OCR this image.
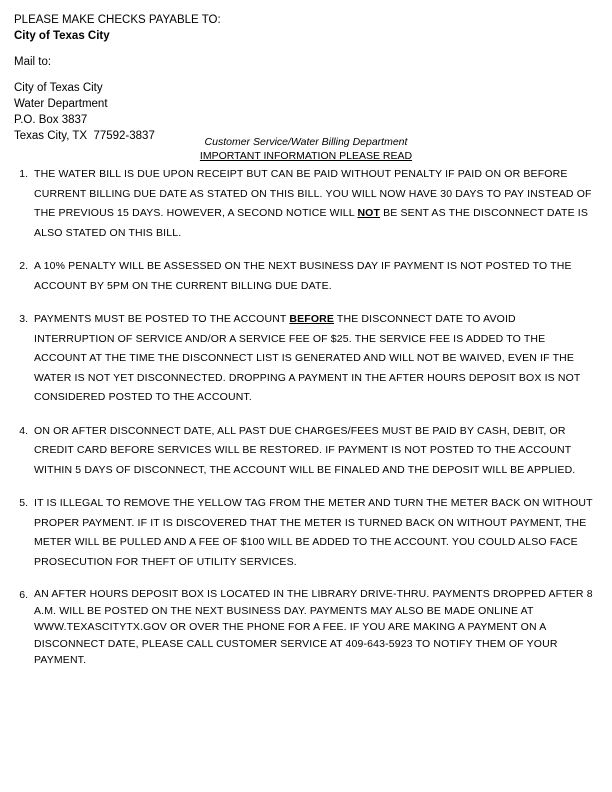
PLEASE MAKE CHECKS PAYABLE TO:
City of Texas City
Mail to:
City of Texas City
Water Department
P.O. Box 3837
Texas City, TX  77592-3837	Customer Service/Water Billing Department
IMPORTANT INFORMATION PLEASE READ
1. THE WATER BILL IS DUE UPON RECEIPT BUT CAN BE PAID WITHOUT PENALTY IF PAID ON OR BEFORE CURRENT BILLING DUE DATE AS STATED ON THIS BILL. YOU WILL NOW HAVE 30 DAYS TO PAY INSTEAD OF THE PREVIOUS 15 DAYS. HOWEVER, A SECOND NOTICE WILL NOT BE SENT AS THE DISCONNECT DATE IS ALSO STATED ON THIS BILL.
2. A 10% PENALTY WILL BE ASSESSED ON THE NEXT BUSINESS DAY IF PAYMENT IS NOT POSTED TO THE ACCOUNT BY 5PM ON THE CURRENT BILLING DUE DATE.
3. PAYMENTS MUST BE POSTED TO THE ACCOUNT BEFORE THE DISCONNECT DATE TO AVOID INTERRUPTION OF SERVICE AND/OR A SERVICE FEE OF $25. THE SERVICE FEE IS ADDED TO THE ACCOUNT AT THE TIME THE DISCONNECT LIST IS GENERATED AND WILL NOT BE WAIVED, EVEN IF THE WATER IS NOT YET DISCONNECTED. DROPPING A PAYMENT IN THE AFTER HOURS DEPOSIT BOX IS NOT CONSIDERED POSTED TO THE ACCOUNT.
4. ON OR AFTER DISCONNECT DATE, ALL PAST DUE CHARGES/FEES MUST BE PAID BY CASH, DEBIT, OR CREDIT CARD BEFORE SERVICES WILL BE RESTORED. IF PAYMENT IS NOT POSTED TO THE ACCOUNT WITHIN 5 DAYS OF DISCONNECT, THE ACCOUNT WILL BE FINALED AND THE DEPOSIT WILL BE APPLIED.
5. IT IS ILLEGAL TO REMOVE THE YELLOW TAG FROM THE METER AND TURN THE METER BACK ON WITHOUT PROPER PAYMENT. IF IT IS DISCOVERED THAT THE METER IS TURNED BACK ON WITHOUT PAYMENT, THE METER WILL BE PULLED AND A FEE OF $100 WILL BE ADDED TO THE ACCOUNT. YOU COULD ALSO FACE PROSECUTION FOR THEFT OF UTILITY SERVICES.
6. AN AFTER HOURS DEPOSIT BOX IS LOCATED IN THE LIBRARY DRIVE-THRU. PAYMENTS DROPPED AFTER 8 A.M. WILL BE POSTED ON THE NEXT BUSINESS DAY. PAYMENTS MAY ALSO BE MADE ONLINE AT WWW.TEXASCITYTX.GOV OR OVER THE PHONE FOR A FEE. IF YOU ARE MAKING A PAYMENT ON A DISCONNECT DATE, PLEASE CALL CUSTOMER SERVICE AT 409-643-5923 TO NOTIFY THEM OF YOUR PAYMENT.
